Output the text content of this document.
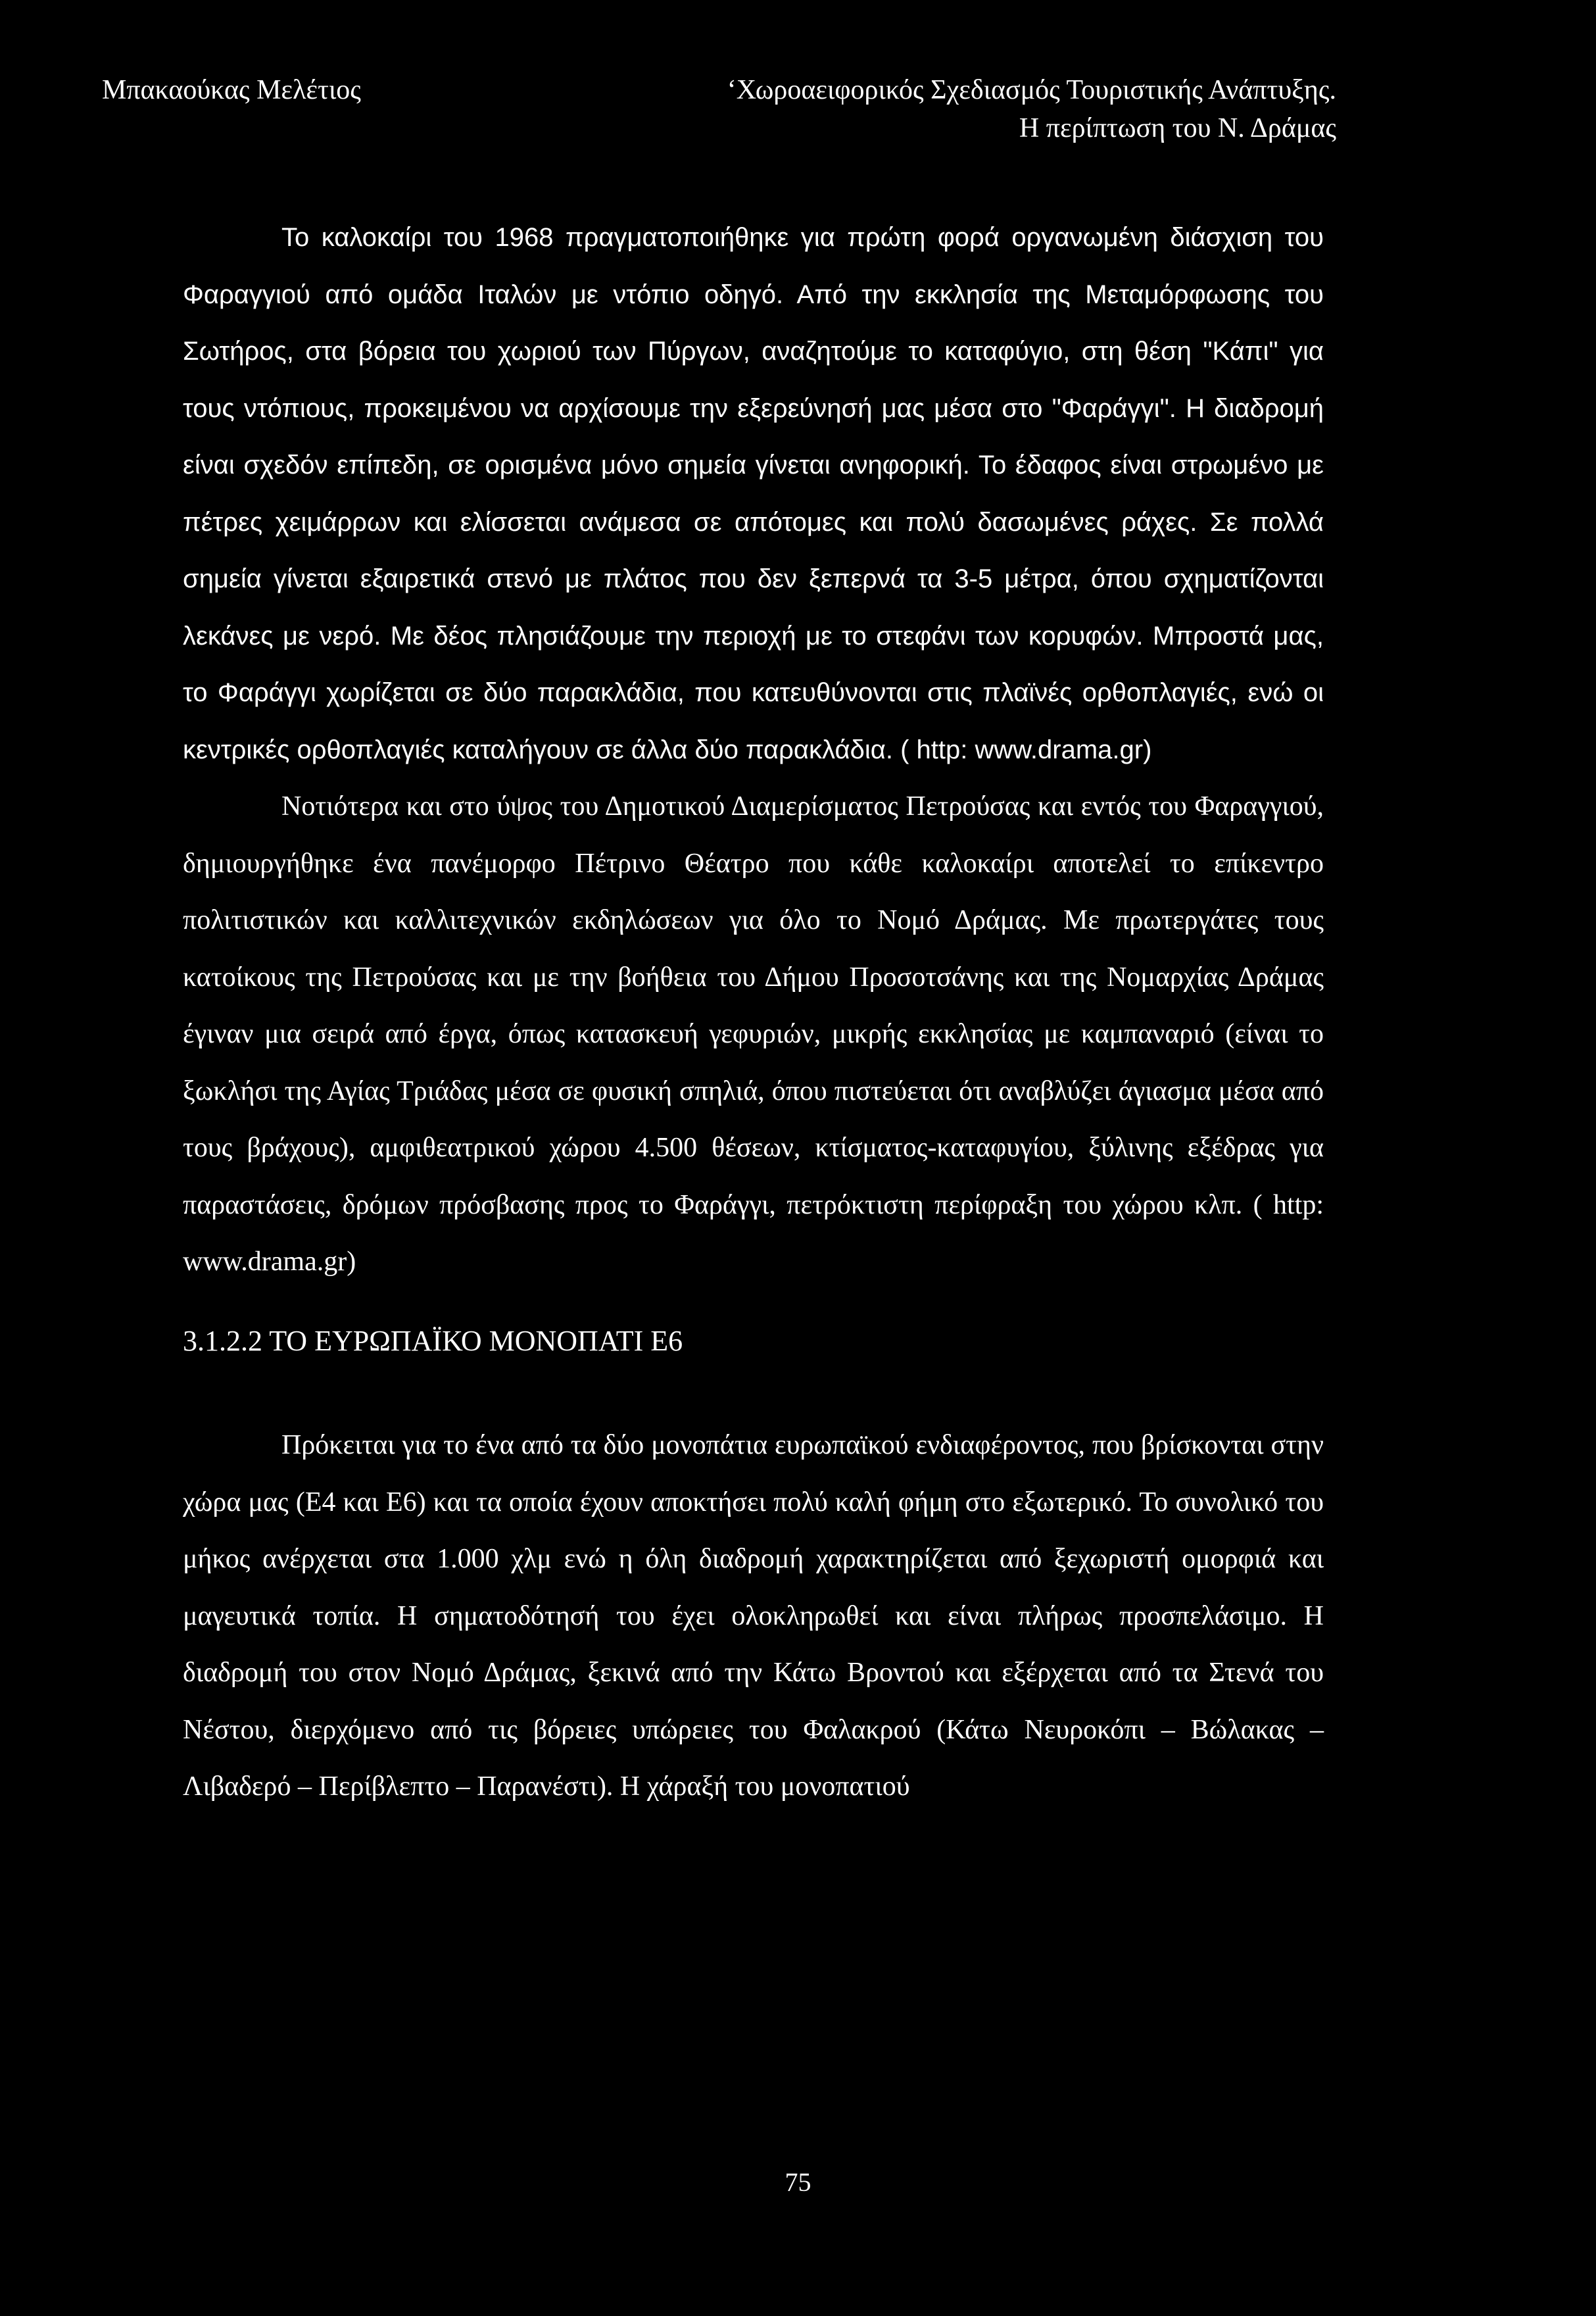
Μπακαούκας Μελέτιος	‘Χωροαειφορικός Σχεδιασμός Τουριστικής Ανάπτυξης.
Η περίπτωση του Ν. Δράμας

Το καλοκαίρι του 1968 πραγματοποιήθηκε για πρώτη φορά οργανωμένη διάσχιση του Φαραγγιού από ομάδα Ιταλών με ντόπιο οδηγό. Από την εκκλησία της Μεταμόρφωσης του Σωτήρος, στα βόρεια του χωριού των Πύργων, αναζητούμε το καταφύγιο, στη θέση "Κάπι" για τους ντόπιους, προκειμένου να αρχίσουμε την εξερεύνησή μας μέσα στο "Φαράγγι". Η διαδρομή είναι σχεδόν επίπεδη, σε ορισμένα μόνο σημεία γίνεται ανηφορική. Το έδαφος είναι στρωμένο με πέτρες χειμάρρων και ελίσσεται ανάμεσα σε απότομες και πολύ δασωμένες ράχες. Σε πολλά σημεία γίνεται εξαιρετικά στενό με πλάτος που δεν ξεπερνά τα 3-5 μέτρα, όπου σχηματίζονται λεκάνες με νερό. Με δέος πλησιάζουμε την περιοχή με το στεφάνι των κορυφών. Μπροστά μας, το Φαράγγι χωρίζεται σε δύο παρακλάδια, που κατευθύνονται στις πλαϊνές ορθοπλαγιές, ενώ οι κεντρικές ορθοπλαγιές καταλήγουν σε άλλα δύο παρακλάδια. ( http: www.drama.gr)

Νοτιότερα και στο ύψος του Δημοτικού Διαμερίσματος Πετρούσας και εντός του Φαραγγιού, δημιουργήθηκε ένα πανέμορφο Πέτρινο Θέατρο που κάθε καλοκαίρι αποτελεί το επίκεντρο πολιτιστικών και καλλιτεχνικών εκδηλώσεων για όλο το Νομό Δράμας. Με πρωτεργάτες τους κατοίκους της Πετρούσας και με την βοήθεια του Δήμου Προσοτσάνης και της Νομαρχίας Δράμας έγιναν μια σειρά από έργα, όπως κατασκευή γεφυριών, μικρής εκκλησίας με καμπαναριό (είναι το ξωκλήσι της Αγίας Τριάδας μέσα σε φυσική σπηλιά, όπου πιστεύεται ότι αναβλύζει άγιασμα μέσα από τους βράχους), αμφιθεατρικού χώρου 4.500 θέσεων, κτίσματος-καταφυγίου, ξύλινης εξέδρας για παραστάσεις, δρόμων πρόσβασης προς το Φαράγγι, πετρόκτιστη περίφραξη του χώρου κλπ. ( http: www.drama.gr)

3.1.2.2 ΤΟ ΕΥΡΩΠΑΪΚΟ ΜΟΝΟΠΑΤΙ Ε6

Πρόκειται για το ένα από τα δύο μονοπάτια ευρωπαϊκού ενδιαφέροντος, που βρίσκονται στην χώρα μας (Ε4 και Ε6) και τα οποία έχουν αποκτήσει πολύ καλή φήμη στο εξωτερικό. Το συνολικό του μήκος ανέρχεται στα 1.000 χλμ ενώ η όλη διαδρομή χαρακτηρίζεται από ξεχωριστή ομορφιά και μαγευτικά τοπία. Η σηματοδότησή του έχει ολοκληρωθεί και είναι πλήρως προσπελάσιμο. Η διαδρομή του στον Νομό Δράμας, ξεκινά από την Κάτω Βροντού και εξέρχεται από τα Στενά του Νέστου, διερχόμενο από τις βόρειες υπώρειες του Φαλακρού (Κάτω Νευροκόπι – Βώλακας – Λιβαδερό – Περίβλεπτο – Παρανέστι). Η χάραξή του μονοπατιού

75
